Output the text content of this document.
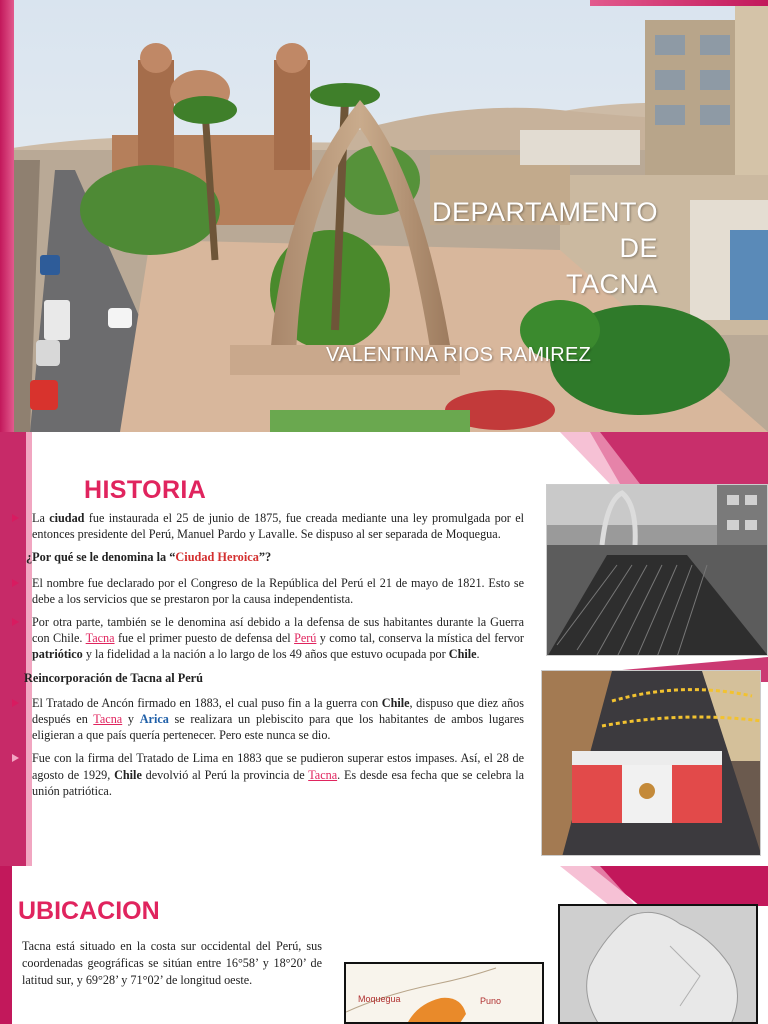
DEPARTAMENTO
DE
TACNA
VALENTINA RIOS RAMIREZ
HISTORIA

La ciudad fue instaurada el 25 de junio de 1875, fue creada mediante una ley promulgada por el entonces presidente del Perú, Manuel Pardo y Lavalle. Se dispuso al ser separada de Moquegua.

¿Por qué se le denomina la “Ciudad Heroica”?

El nombre fue declarado por el Congreso de la República del Perú el 21 de mayo de 1821. Esto se debe a los servicios que se prestaron por la causa independentista.

Por otra parte, también se le denomina así debido a la defensa de sus habitantes durante la Guerra con Chile. Tacna fue el primer puesto de defensa del Perú y como tal, conserva la mística del fervor patriótico y la fidelidad a la nación a lo largo de los 49 años que estuvo ocupada por Chile.

Reincorporación de Tacna al Perú

El Tratado de Ancón firmado en 1883, el cual puso fin a la guerra con Chile, dispuso que diez años después en Tacna y Arica se realizara un plebiscito para que los habitantes de ambos lugares eligieran a que país quería pertenecer. Pero este nunca se dio.

Fue con la firma del Tratado de Lima en 1883 que se pudieron superar estos impases. Así, el 28 de agosto de 1929, Chile devolvió al Perú la provincia de Tacna. Es desde esa fecha que se celebra la unión patriótica.

UBICACION

Tacna está situado en la costa sur occidental del Perú, sus coordenadas geográficas se sitúan entre 16°58’ y 18°20’ de latitud sur, y 69°28’ y 71°02’ de longitud oeste.

Moquegua	Puno
